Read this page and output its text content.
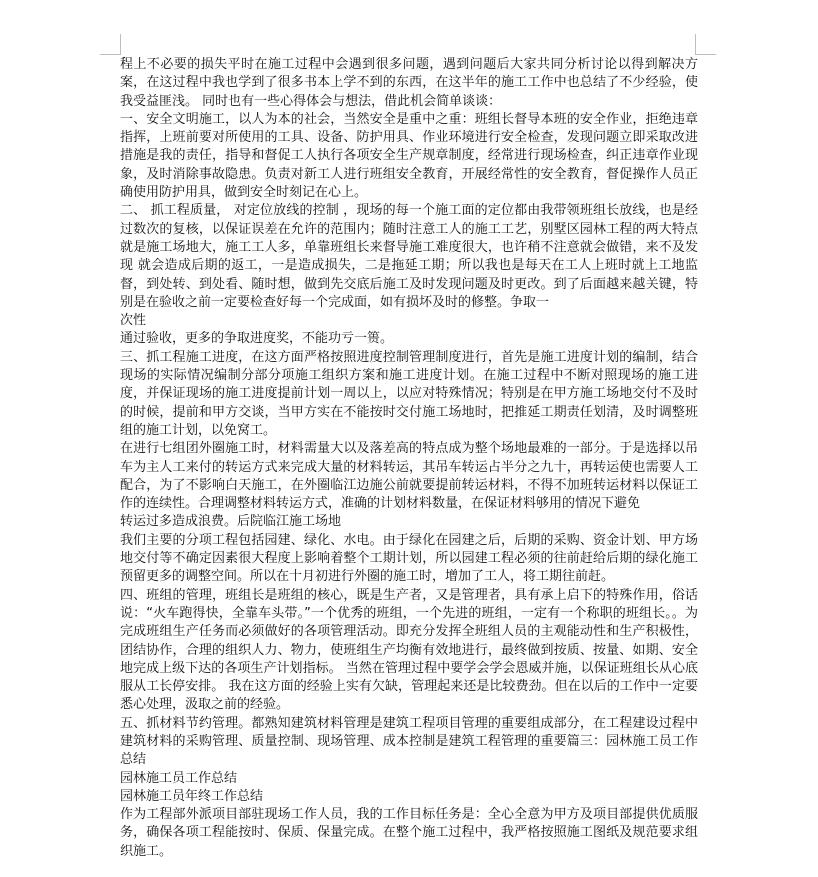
程上不必要的损失平时在施工过程中会遇到很多问题，遇到问题后大家共同分析讨论以得到解决方案，在这过程中我也学到了很多书本上学不到的东西，在这半年的施工工作中也总结了不少经验，使我受益匪浅。 同时也有一些心得体会与想法，借此机会简单谈谈：

一、安全文明施工，以人为本的社会，当然安全是重中之重：班组长督导本班的安全作业，拒绝违章指挥，上班前要对所使用的工具、设备、防护用具、作业环境进行安全检查，发现问题立即采取改进措施是我的责任，指导和督促工人执行各项安全生产规章制度，经常进行现场检查，纠正违章作业现象，及时消除事故隐患。负责对新工人进行班组安全教育，开展经常性的安全教育，督促操作人员正确使用防护用具，做到安全时刻记在心上。

二、 抓工程质量， 对定位放线的控制 ，现场的每一个施工面的定位都由我带领班组长放线，也是经过数次的复核，以保证误差在允许的范围内；随时注意工人的施工工艺，别墅区园林工程的两大特点就是施工场地大，施工工人多，单靠班组长来督导施工难度很大，也许稍不注意就会做错，来不及发现 就会造成后期的返工，一是造成损失，二是拖延工期；所以我也是每天在工人上班时就上工地监督，到处转、到处看、随时想，做到先交底后施工及时发现问题及时更改。到了后面越来越关键，特别是在验收之前一定要检查好每一个完成面，如有损坏及时的修整。争取一

次性

通过验收，更多的争取进度奖，不能功亏一篑。

三、抓工程施工进度，在这方面严格按照进度控制管理制度进行，首先是施工进度计划的编制，结合现场的实际情况编制分部分项施工组织方案和施工进度计划。在施工过程中不断对照现场的施工进度，并保证现场的施工进度提前计划一周以上，以应对特殊情况；特别是在甲方施工场地交付不及时的时候，提前和甲方交谈，当甲方实在不能按时交付施工场地时，把推延工期责任划清，及时调整班组的施工计划，以免窝工。

在进行七组团外圈施工时，材料需量大以及落差高的特点成为整个场地最难的一部分。于是选择以吊车为主人工来付的转运方式来完成大量的材料转运，其吊车转运占半分之九十，再转运使也需要人工配合，为了不影响白天施工，在外圈临江边施公前就要提前转运材料，不得不加班转运材料以保证工作的连续性。合理调整材料转运方式，准确的计划材料数量，在保证材料够用的情况下避免

转运过多造成浪费。后院临江施工场地

我们主要的分项工程包括园建、绿化、水电。由于绿化在园建之后，后期的采购、资金计划、甲方场地交付等不确定因素很大程度上影响着整个工期计划，所以园建工程必须的往前赶给后期的绿化施工预留更多的调整空间。所以在十月初进行外圈的施工时，增加了工人，将工期往前赶。

四、班组的管理，班组长是班组的核心，既是生产者，又是管理者，具有承上启下的特殊作用，俗话说：“火车跑得快，全靠车头带。”一个优秀的班组，一个先进的班组，一定有一个称职的班组长。。为完成班组生产任务而必须做好的各项管理活动。即充分发挥全班组人员的主观能动性和生产积极性，团结协作，合理的组织人力、物力，使班组生产均衡有效地进行，最终做到按质、按量、如期、安全地完成上级下达的各项生产计划指标。 当然在管理过程中要学会学会恩威并施，以保证班组长从心底服从工长停安排。 我在这方面的经验上实有欠缺，管理起来还是比较费劲。但在以后的工作中一定要悉心处理，汲取之前的经验。

五、抓材料节约管理。都熟知建筑材料管理是建筑工程项目管理的重要组成部分，在工程建设过程中建筑材料的采购管理、质量控制、现场管理、成本控制是建筑工程管理的重要篇三：园林施工员工作总结

园林施工员工作总结

园林施工员年终工作总结

作为工程部外派项目部驻现场工作人员，我的工作目标任务是：全心全意为甲方及项目部提供优质服务，确保各项工程能按时、保质、保量完成。在整个施工过程中，我严格按照施工图纸及规范要求组织施工。
